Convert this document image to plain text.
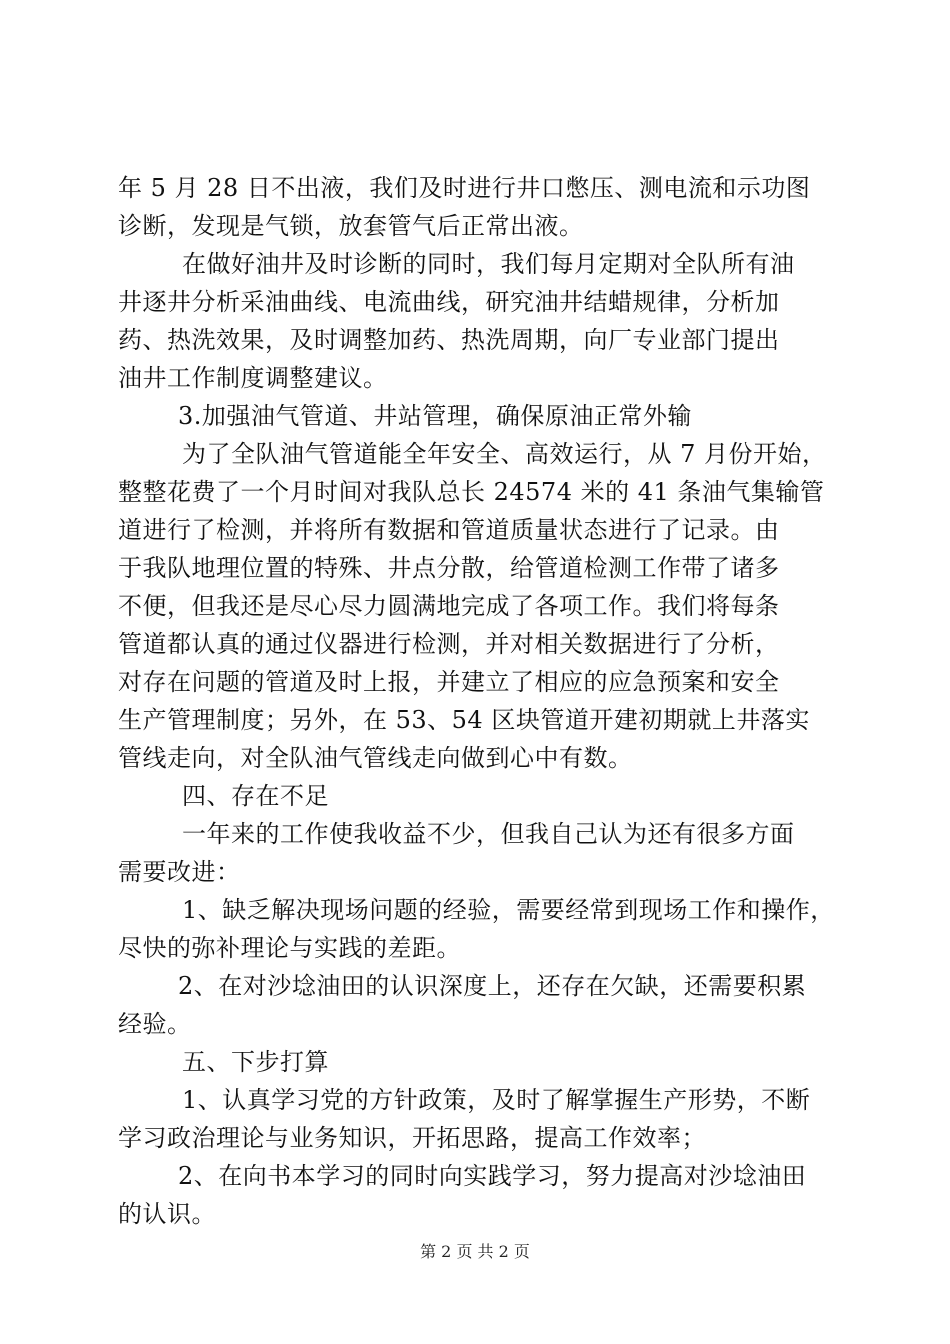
年 5 月 28 日不出液，我们及时进行井口憋压、测电流和示功图
诊断，发现是气锁，放套管气后正常出液。
在做好油井及时诊断的同时，我们每月定期对全队所有油
井逐井分析采油曲线、电流曲线，研究油井结蜡规律，分析加
药、热洗效果，及时调整加药、热洗周期，向厂专业部门提出
油井工作制度调整建议。
3.加强油气管道、井站管理，确保原油正常外输
为了全队油气管道能全年安全、高效运行，从 7 月份开始，
整整花费了一个月时间对我队总长 24574 米的 41 条油气集输管
道进行了检测，并将所有数据和管道质量状态进行了记录。由
于我队地理位置的特殊、井点分散，给管道检测工作带了诸多
不便，但我还是尽心尽力圆满地完成了各项工作。我们将每条
管道都认真的通过仪器进行检测，并对相关数据进行了分析，
对存在问题的管道及时上报，并建立了相应的应急预案和安全
生产管理制度；另外，在 53、54 区块管道开建初期就上井落实
管线走向，对全队油气管线走向做到心中有数。
四、存在不足
一年来的工作使我收益不少，但我自己认为还有很多方面
需要改进：
1、缺乏解决现场问题的经验，需要经常到现场工作和操作，
尽快的弥补理论与实践的差距。
2、在对沙埝油田的认识深度上，还存在欠缺，还需要积累
经验。
五、下步打算
1、认真学习党的方针政策，及时了解掌握生产形势，不断
学习政治理论与业务知识，开拓思路，提高工作效率；
2、在向书本学习的同时向实践学习，努力提高对沙埝油田
的认识。
第 2 页 共 2 页
